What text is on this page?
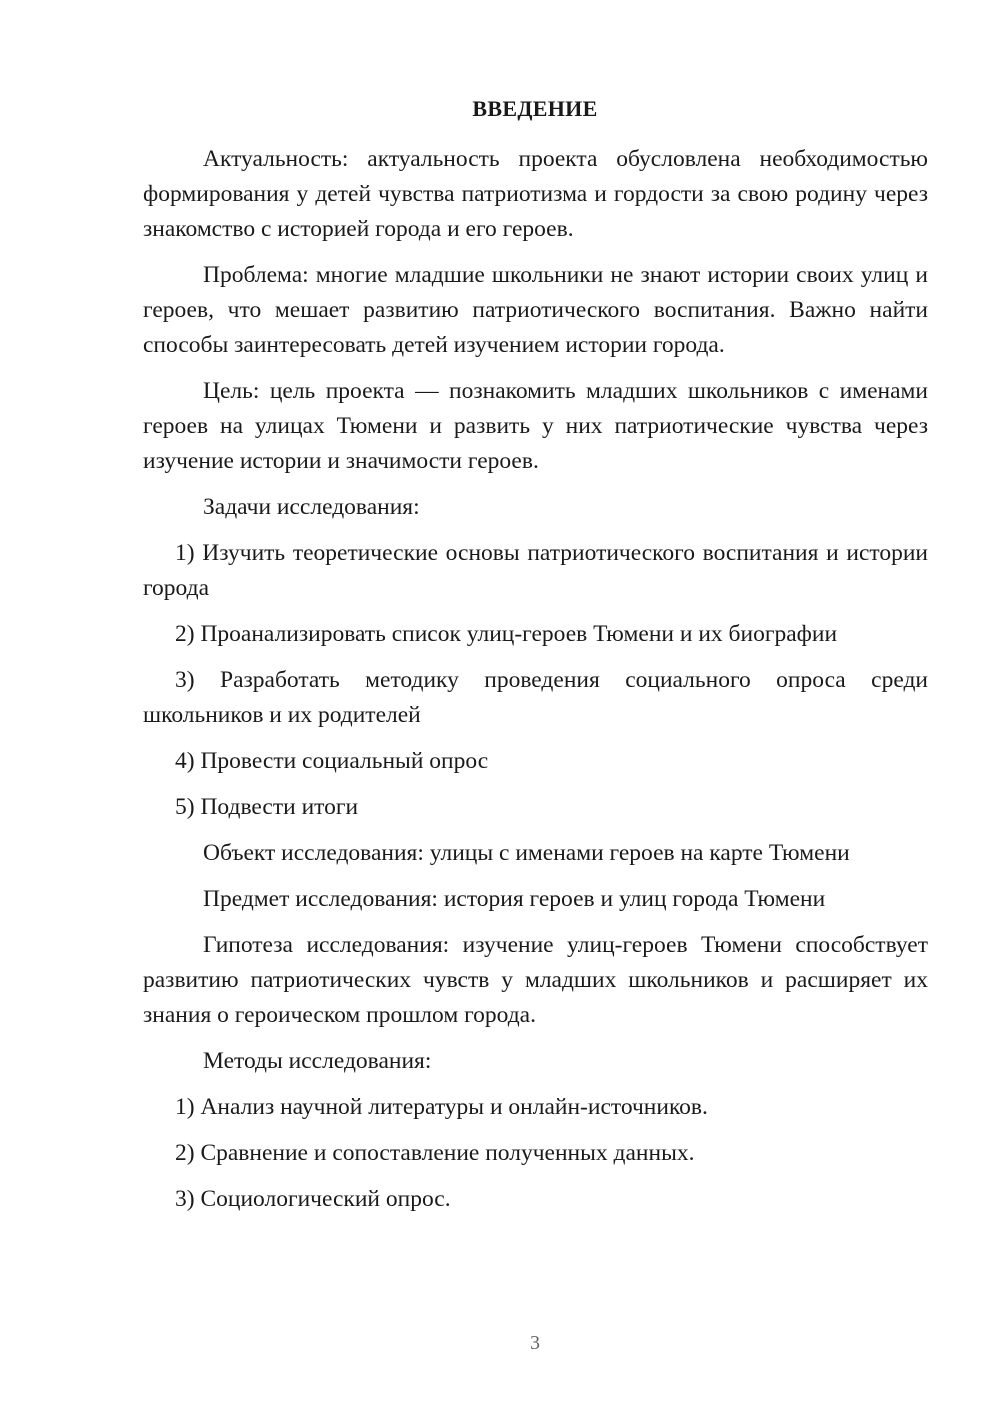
ВВЕДЕНИЕ

Актуальность: актуальность проекта обусловлена необходимостью формирования у детей чувства патриотизма и гордости за свою родину через знакомство с историей города и его героев.

Проблема: многие младшие школьники не знают истории своих улиц и героев, что мешает развитию патриотического воспитания. Важно найти способы заинтересовать детей изучением истории города.

Цель: цель проекта — познакомить младших школьников с именами героев на улицах Тюмени и развить у них патриотические чувства через изучение истории и значимости героев.

Задачи исследования:

1) Изучить теоретические основы патриотического воспитания и истории города

2) Проанализировать список улиц-героев Тюмени и их биографии

3) Разработать методику проведения социального опроса среди школьников и их родителей

4) Провести социальный опрос

5) Подвести итоги

Объект исследования: улицы с именами героев на карте Тюмени

Предмет исследования: история героев и улиц города Тюмени

Гипотеза исследования: изучение улиц-героев Тюмени способствует развитию патриотических чувств у младших школьников и расширяет их знания о героическом прошлом города.

Методы исследования:

1) Анализ научной литературы и онлайн-источников.

2) Сравнение и сопоставление полученных данных.

3) Социологический опрос.

3
